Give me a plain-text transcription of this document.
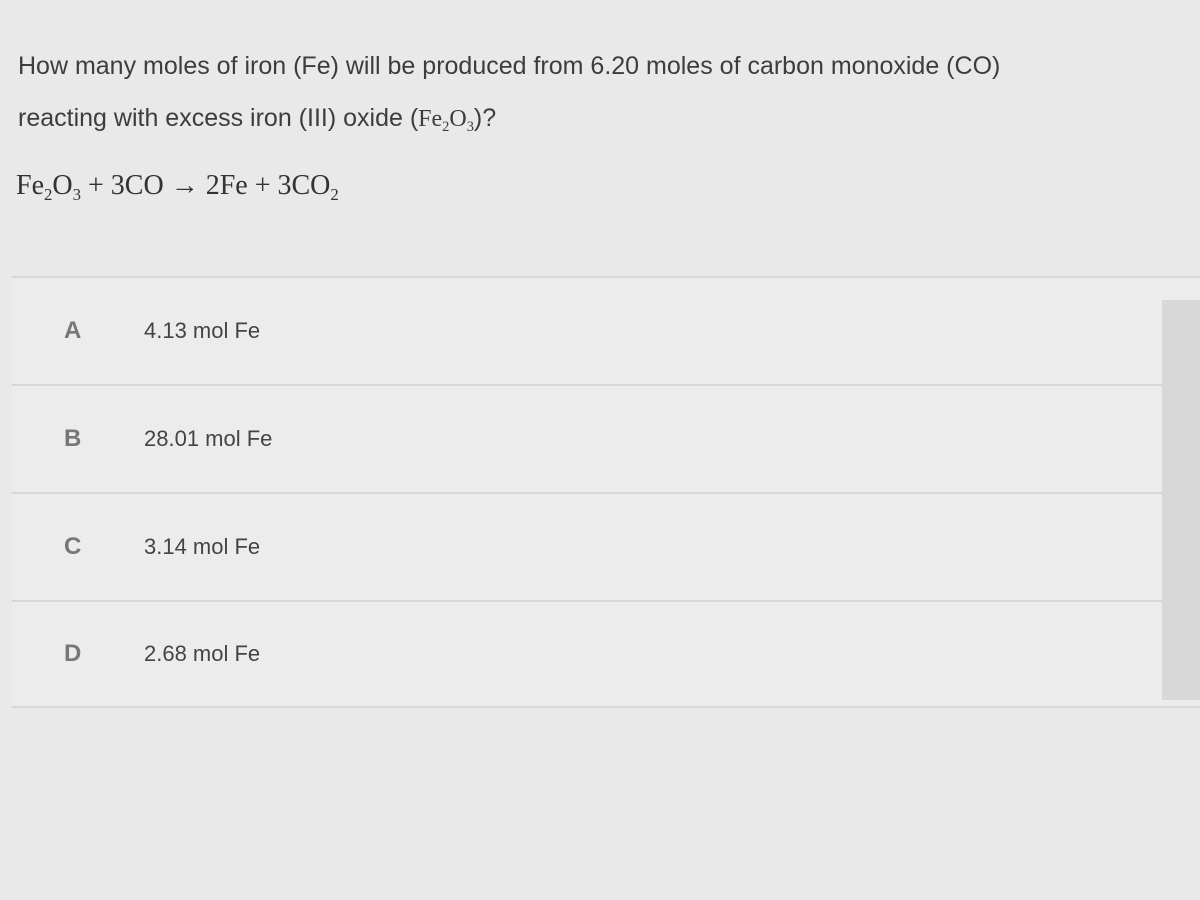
How many moles of iron (Fe) will be produced from 6.20 moles of carbon monoxide (CO)
reacting with excess iron (III) oxide $(Fe_2O_3)$?
$Fe_2O_3 + 3CO \to 2Fe + 3CO_2$
A	4.13 mol Fe
B	28.01 mol Fe
C	3.14 mol Fe
D	2.68 mol Fe
